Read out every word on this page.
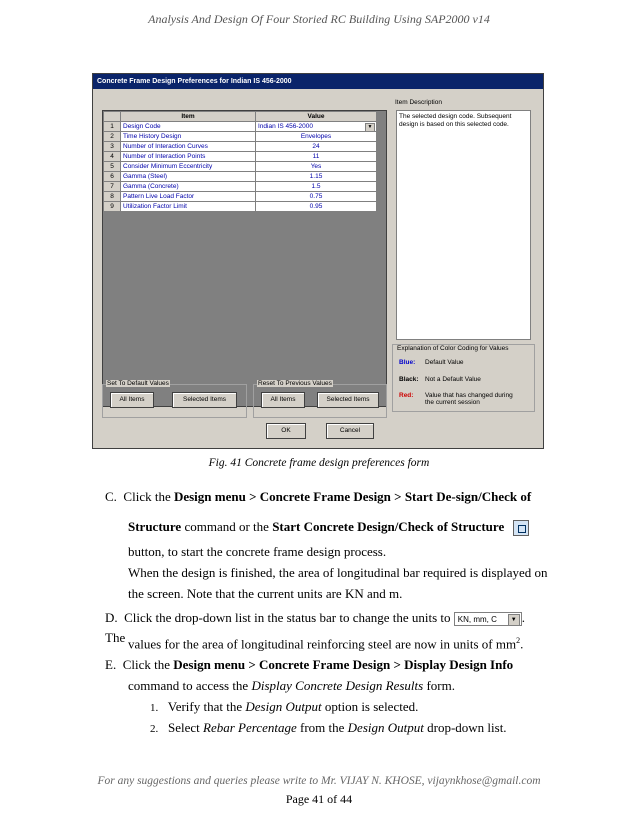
Analysis And Design Of Four Storied RC Building Using SAP2000 v14
Concrete Frame Design Preferences for Indian IS 456-2000
	Item	Value
1	Design Code	Indian IS 456-2000 ▼

2	Time History Design	Envelopes
3	Number of Interaction Curves	24
4	Number of Interaction Points	11
5	Consider Minimum Eccentricity	Yes
6	Gamma (Steel)	1.15
7	Gamma (Concrete)	1.5
8	Pattern Live Load Factor	0.75
9	Utilization Factor Limit	0.95
Item Description
The selected design code. Subsequent design is based on this selected code.
Explanation of Color Coding for Values
Blue: Default Value
Black: Not a Default Value
Red: Value that has changed during the current session
Set To Default Values
All Items	Selected Items
Reset To Previous Values
All Items	Selected Items
OK	Cancel
Fig. 41 Concrete frame design preferences form
C. Click the Design menu > Concrete Frame Design > Start De-sign/Check of
Structure command or the Start Concrete Design/Check of Structure
button, to start the concrete frame design process.
When the design is finished, the area of longitudinal bar required is displayed on
the screen. Note that the current units are KN and m.
D. Click the drop-down list in the status bar to change the units to KN, mm, C	▼ . The values for the area of longitudinal reinforcing steel are now in units of $mm^2$.
E. Click the Design menu > Concrete Frame Design > Display Design Info
command to access the Display Concrete Design Results form.
1. Verify that the Design Output option is selected.
2. Select Rebar Percentage from the Design Output drop-down list.
For any suggestions and queries please write to Mr. VIJAY N. KHOSE, vijaynkhose@gmail.com
Page 41 of 44
